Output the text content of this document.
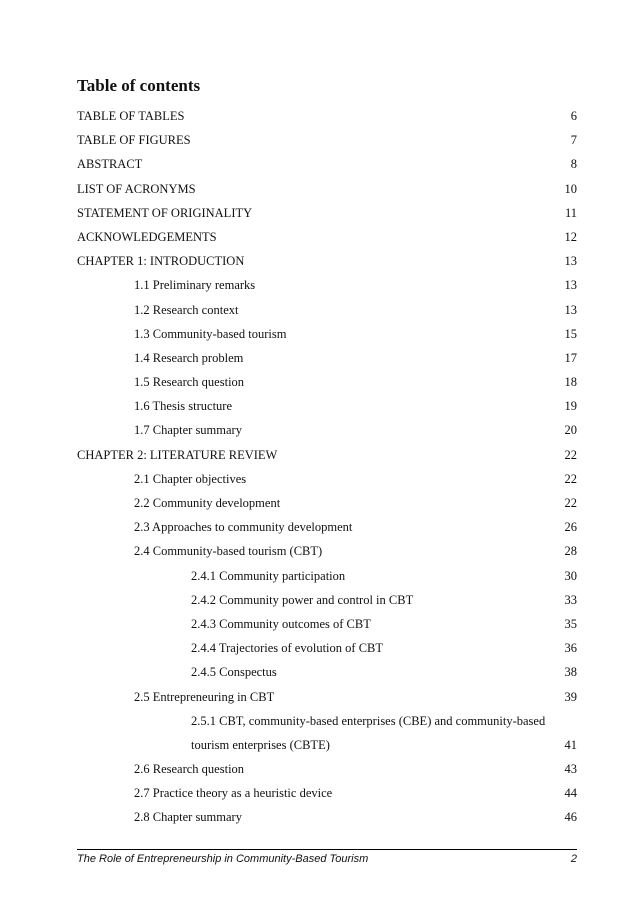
Table of contents
TABLE OF TABLES	6
TABLE OF FIGURES	7
ABSTRACT	8
LIST OF ACRONYMS	10
STATEMENT OF ORIGINALITY	11
ACKNOWLEDGEMENTS	12
CHAPTER 1: INTRODUCTION	13
1.1 Preliminary remarks	13
1.2 Research context	13
1.3 Community-based tourism	15
1.4 Research problem	17
1.5 Research question	18
1.6 Thesis structure	19
1.7 Chapter summary	20
CHAPTER 2: LITERATURE REVIEW	22
2.1 Chapter objectives	22
2.2 Community development	22
2.3 Approaches to community development	26
2.4 Community-based tourism (CBT)	28
2.4.1 Community participation	30
2.4.2 Community power and control in CBT	33
2.4.3 Community outcomes of CBT	35
2.4.4 Trajectories of evolution of CBT	36
2.4.5 Conspectus	38
2.5 Entrepreneuring in CBT	39
2.5.1 CBT, community-based enterprises (CBE) and community-based
tourism enterprises (CBTE)	41
2.6 Research question	43
2.7 Practice theory as a heuristic device	44
2.8 Chapter summary	46
The Role of Entrepreneurship in Community-Based Tourism	2
